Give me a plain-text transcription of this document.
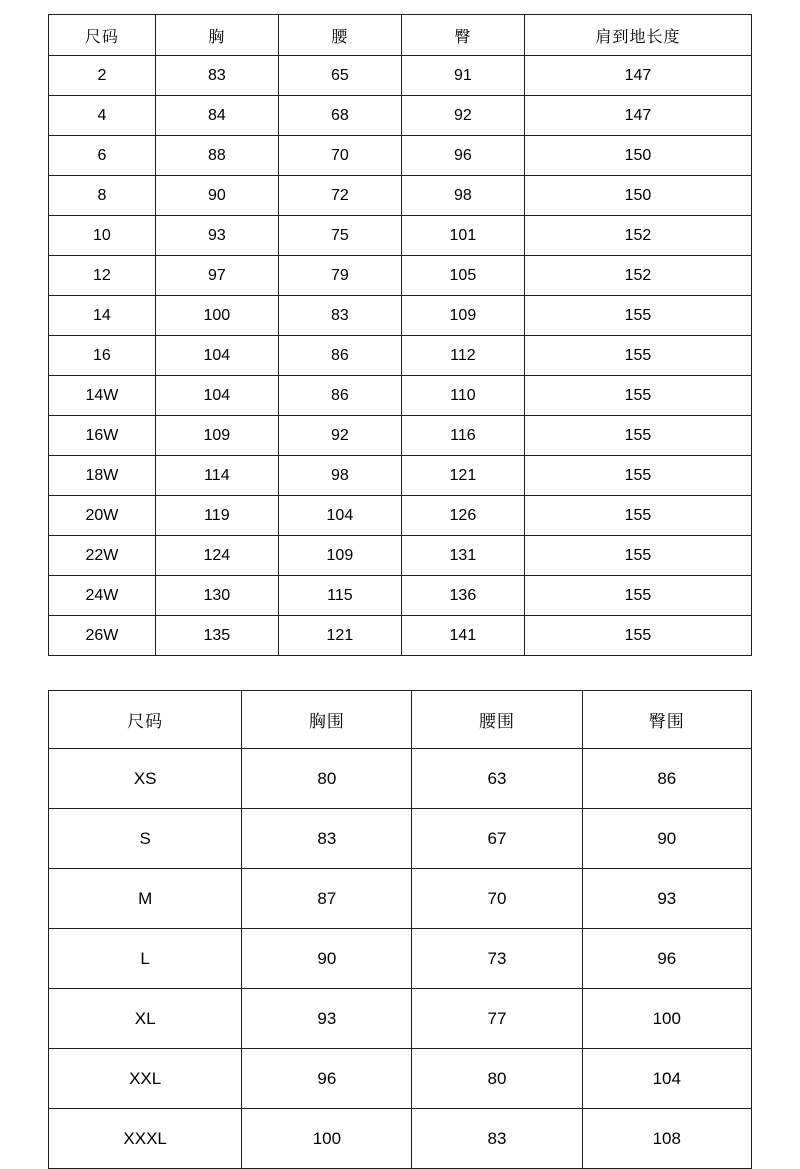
尺码	胸	腰	臀	肩到地长度
2	83	65	91	147
4	84	68	92	147
6	88	70	96	150
8	90	72	98	150
10	93	75	101	152
12	97	79	105	152
14	100	83	109	155
16	104	86	112	155
14W	104	86	110	155
16W	109	92	116	155
18W	114	98	121	155
20W	119	104	126	155
22W	124	109	131	155
24W	130	115	136	155
26W	135	121	141	155
尺码	胸围	腰围	臀围
XS	80	63	86
S	83	67	90
M	87	70	93
L	90	73	96
XL	93	77	100
XXL	96	80	104
XXXL	100	83	108
